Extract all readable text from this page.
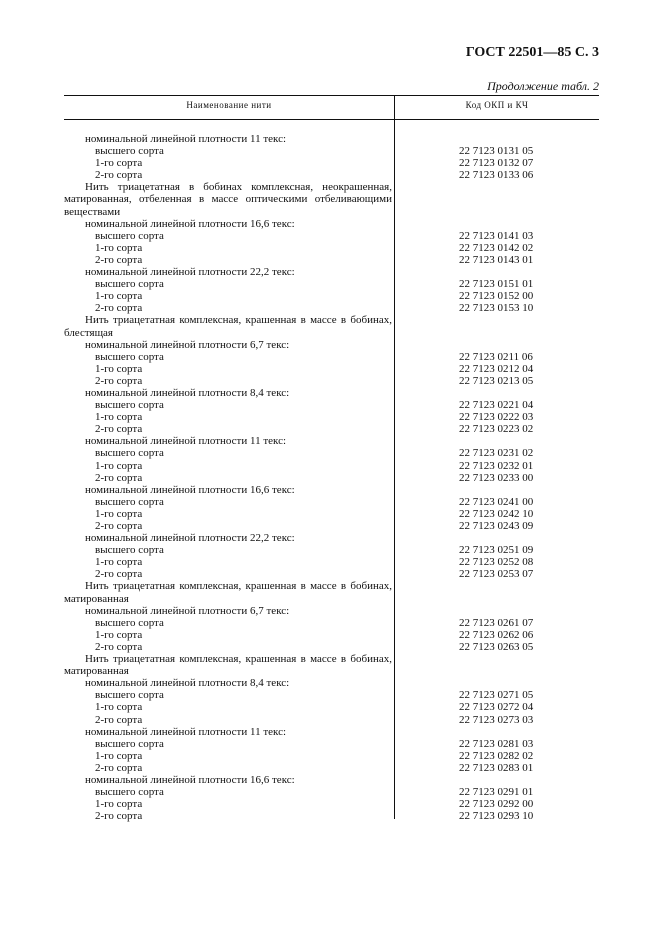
ГОСТ 22501—85 С. 3
Продолжение табл. 2
Наименование нити	Код ОКП и КЧ
номинальной линейной плотности 11 текс:
высшего сорта	22 7123 0131 05
1-го сорта	22 7123 0132 07
2-го сорта	22 7123 0133 06
Нить триацетатная в бобинах комплексная, неокрашенная, матированная, отбеленная в массе оптическими отбеливающими веществами
номинальной линейной плотности 16,6 текс:
высшего сорта	22 7123 0141 03
1-го сорта	22 7123 0142 02
2-го сорта	22 7123 0143 01
номинальной линейной плотности 22,2 текс:
высшего сорта	22 7123 0151 01
1-го сорта	22 7123 0152 00
2-го сорта	22 7123 0153 10
Нить триацетатная комплексная, крашенная в массе в бобинах, блестящая
номинальной линейной плотности 6,7 текс:
высшего сорта	22 7123 0211 06
1-го сорта	22 7123 0212 04
2-го сорта	22 7123 0213 05
номинальной линейной плотности 8,4 текс:
высшего сорта	22 7123 0221 04
1-го сорта	22 7123 0222 03
2-го сорта	22 7123 0223 02
номинальной линейной плотности 11 текс:
высшего сорта	22 7123 0231 02
1-го сорта	22 7123 0232 01
2-го сорта	22 7123 0233 00
номинальной линейной плотности 16,6 текс:
высшего сорта	22 7123 0241 00
1-го сорта	22 7123 0242 10
2-го сорта	22 7123 0243 09
номинальной линейной плотности 22,2 текс:
высшего сорта	22 7123 0251 09
1-го сорта	22 7123 0252 08
2-го сорта	22 7123 0253 07
Нить триацетатная комплексная, крашенная в массе в бобинах, матированная
номинальной линейной плотности 6,7 текс:
высшего сорта	22 7123 0261 07
1-го сорта	22 7123 0262 06
2-го сорта	22 7123 0263 05
Нить триацетатная комплексная, крашенная в массе в бобинах, матированная
номинальной линейной плотности 8,4 текс:
высшего сорта	22 7123 0271 05
1-го сорта	22 7123 0272 04
2-го сорта	22 7123 0273 03
номинальной линейной плотности 11 текс:
высшего сорта	22 7123 0281 03
1-го сорта	22 7123 0282 02
2-го сорта	22 7123 0283 01
номинальной линейной плотности 16,6 текс:
высшего сорта	22 7123 0291 01
1-го сорта	22 7123 0292 00
2-го сорта	22 7123 0293 10
